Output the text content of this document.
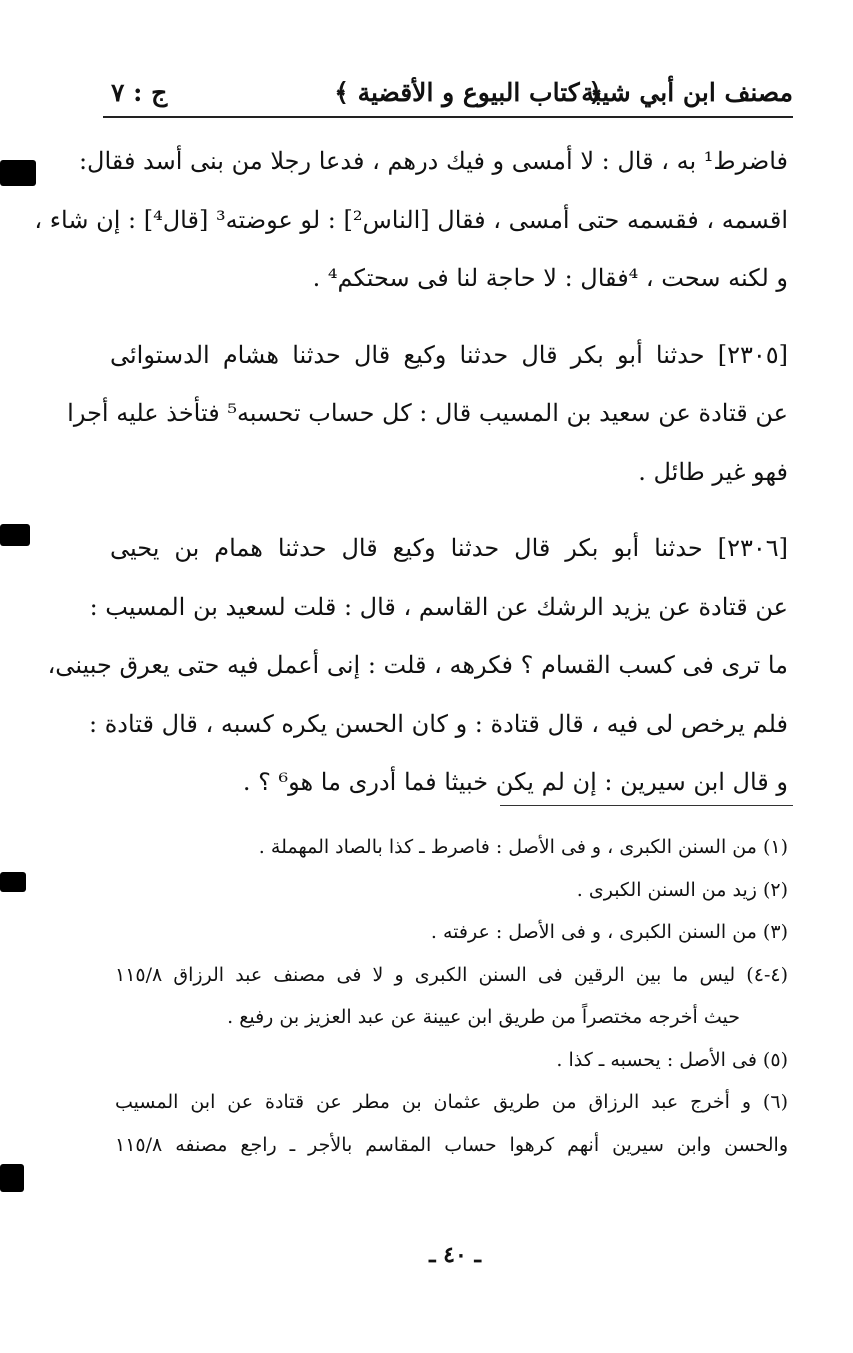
مصنف ابن أبي شيبة
﴿ كتاب البيوع و الأقضية ﴾
ج : ٧
فاضرط¹ به ، قال : لا أمسى و فيك درهم ، فدعا رجلا من بنى أسد فقال:
اقسمه ، فقسمه حتى أمسى ، فقال [الناس²] : لو عوضته³ [قال⁴] : إن شاء ،
و لكنه سحت ، ⁴فقال : لا حاجة لنا فى سحتكم⁴ .
[٢٣٠٥] حدثنا أبو بكر قال حدثنا وكيع قال حدثنا هشام الدستوائى
عن قتادة عن سعيد بن المسيب قال : كل حساب تحسبه⁵ فتأخذ عليه أجرا
فهو غير طائل .
[٢٣٠٦] حدثنا أبو بكر قال حدثنا وكيع قال حدثنا همام بن يحيى
عن قتادة عن يزيد الرشك عن القاسم ، قال : قلت لسعيد بن المسيب :
ما ترى فى كسب القسام ؟ فكرهه ، قلت : إنى أعمل فيه حتى يعرق جبينى،
فلم يرخص لى فيه ، قال قتادة : و كان الحسن يكره كسبه ، قال قتادة :
و قال ابن سيرين : إن لم يكن خبيثا فما أدرى ما هو⁶ ؟ .
(١) من السنن الكبرى ، و فى الأصل : فاصرط ـ كذا بالصاد المهملة .
(٢) زيد من السنن الكبرى .
(٣) من السنن الكبرى ، و فى الأصل : عرفته .
(٤-٤) ليس ما بين الرقين فى السنن الكبرى و لا فى مصنف عبد الرزاق ١١٥/٨
حيث أخرجه مختصراً من طريق ابن عيينة عن عبد العزيز بن رفيع .
(٥) فى الأصل : يحسبه ـ كذا .
(٦) و أخرج عبد الرزاق من طريق عثمان بن مطر عن قتادة عن ابن المسيب
والحسن وابن سيرين أنهم كرهوا حساب المقاسم بالأجر ـ راجع مصنفه ١١٥/٨
ـ ٤٠ ـ
